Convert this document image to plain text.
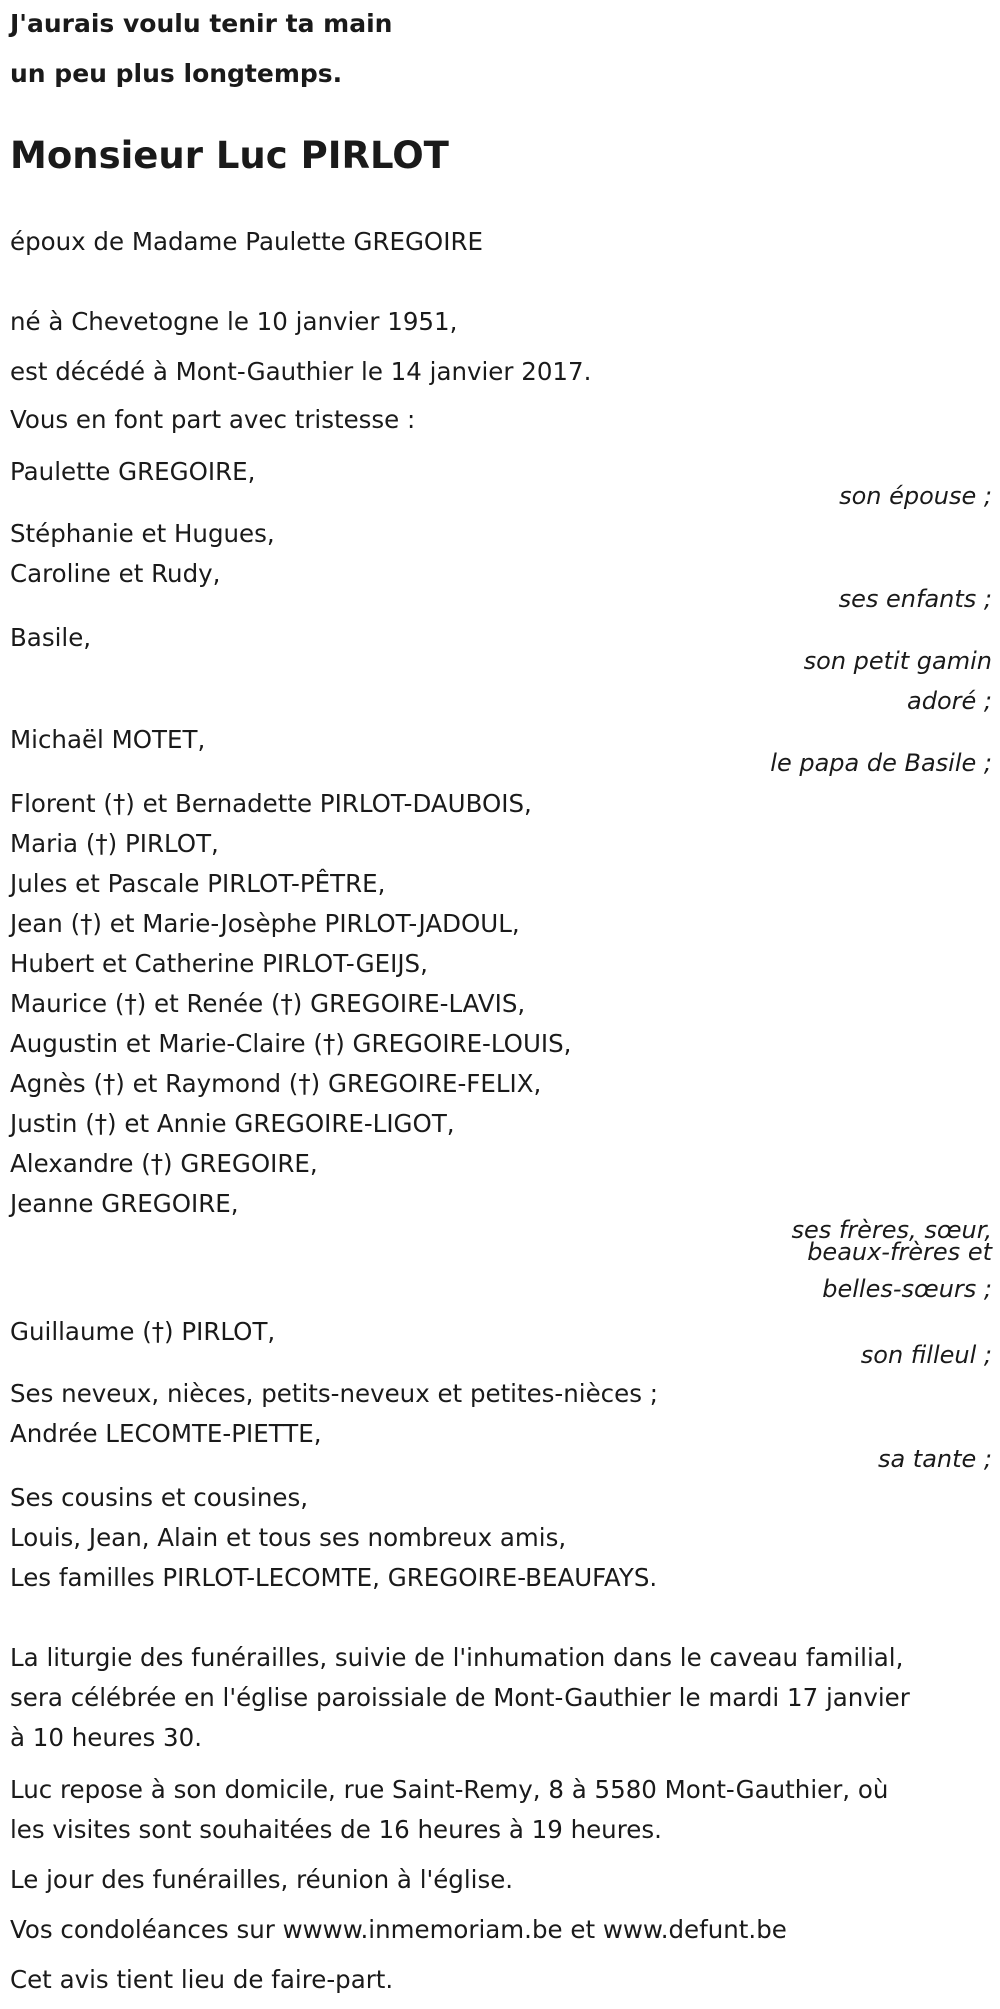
J'aurais voulu tenir ta main
un peu plus longtemps.
Monsieur Luc PIRLOT
époux de Madame Paulette GREGOIRE
né à Chevetogne le 10 janvier 1951,
est décédé à Mont-Gauthier le 14 janvier 2017.
Vous en font part avec tristesse :
Paulette GREGOIRE,
son épouse ;
Stéphanie et Hugues,
Caroline et Rudy,
ses enfants ;
Basile,
son petit gamin
adoré ;
Michaël MOTET,
le papa de Basile ;
Florent (†) et Bernadette PIRLOT-DAUBOIS,
Maria (†) PIRLOT,
Jules et Pascale PIRLOT-PÊTRE,
Jean (†) et Marie-Josèphe PIRLOT-JADOUL,
Hubert et Catherine PIRLOT-GEIJS,
Maurice (†) et Renée (†) GREGOIRE-LAVIS,
Augustin et Marie-Claire (†) GREGOIRE-LOUIS,
Agnès (†) et Raymond (†) GREGOIRE-FELIX,
Justin (†) et Annie GREGOIRE-LIGOT,
Alexandre (†) GREGOIRE,
Jeanne GREGOIRE,
ses frères, sœur,
beaux-frères et
belles-sœurs ;
Guillaume (†) PIRLOT,
son filleul ;
Ses neveux, nièces, petits-neveux et petites-nièces ;
Andrée LECOMTE-PIETTE,
sa tante ;
Ses cousins et cousines,
Louis, Jean, Alain et tous ses nombreux amis,
Les familles PIRLOT-LECOMTE, GREGOIRE-BEAUFAYS.
La liturgie des funérailles, suivie de l'inhumation dans le caveau familial,
sera célébrée en l'église paroissiale de Mont-Gauthier le mardi 17 janvier
à 10 heures 30.
Luc repose à son domicile, rue Saint-Remy, 8 à 5580 Mont-Gauthier, où
les visites sont souhaitées de 16 heures à 19 heures.
Le jour des funérailles, réunion à l'église.
Vos condoléances sur wwww.inmemoriam.be et www.defunt.be
Cet avis tient lieu de faire-part.
